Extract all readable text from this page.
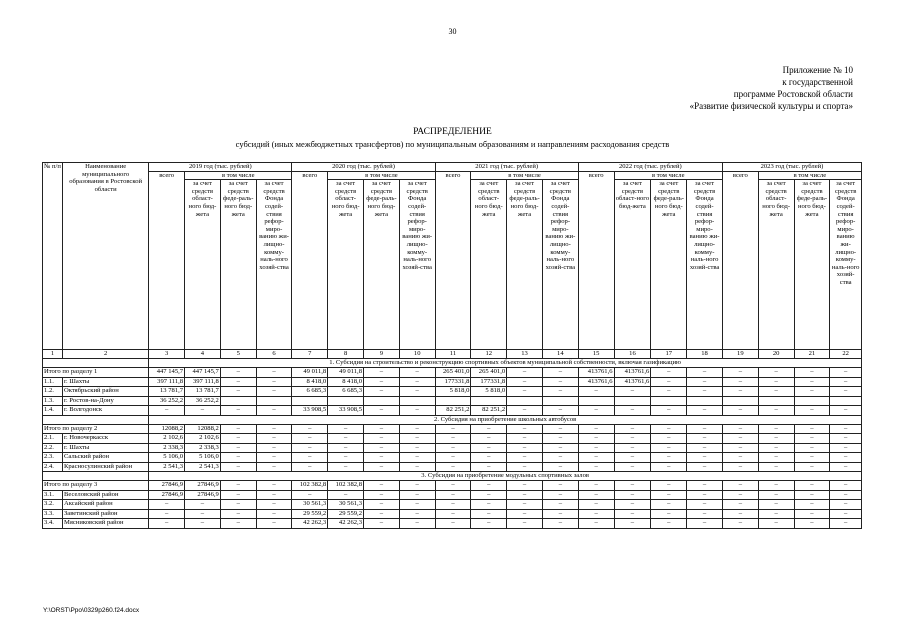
30
Приложение № 10
к государственной
программе Ростовской области
«Развитие физической культуры и спорта»
РАСПРЕДЕЛЕНИЕ
субсидий (иных межбюджетных трансфертов) по муниципальным образованиям и направлениям расходования средств
№ п/п	Наименование муниципального образования в Ростовской области	2019 год (тыс. рублей)				2020 год (тыс. рублей)				2021 год (тыс. рублей)				2022 год (тыс. рублей)				2023 год (тыс. рублей)			
		всего	в том числе			всего	в том числе			всего	в том числе			всего	в том числе			всего	в том числе		
			за счет средств област-ного бюд-жета	за счет средств феде-раль-ного бюд-жета	за счет средств Фонда содей-ствия рефор-миро-ванию жи-лищно-комму-наль-ного хозяй-ства		за счет средств област-ного бюд-жета	за счет средств феде-раль-ного бюд-жета	за счет средств Фонда содей-ствия рефор-миро-ванию жи-лищно-комму-наль-ного хозяй-ства		за счет средств област-ного бюд-жета	за счет средств феде-раль-ного бюд-жета	за счет средств Фонда содей-ствия рефор-миро-ванию жи-лищно-комму-наль-ного хозяй-ства		за счет средств област-ного бюд-жета	за счет средств феде-раль-ного бюд-жета	за счет средств Фонда содей-ствия рефор-миро-ванию жи-лищно-комму-наль-ного хозяй-ства		за счет средств област-ного бюд-жета	за счет средств феде-раль-ного бюд-жета	за счет средств Фонда содей-ствия рефор-миро-ванию жи-лищно-комму-наль-ного хозяй-ства
1	2	3	4	5	6	7	8	9	10	11	12	13	14	15	16	17	18	19	20	21	22
		1. Субсидия на строительство и реконструкцию спортивных объектов муниципальной собственности, включая газификацию																			
Итого по разделу 1		447 145,7	447 145,7	–	–	49 011,8	49 011,8	–	–	265 401,0	265 401,0	–	–	413761,6	413761,6	–	–	–	–	–	–
1.1.	г. Шахты	397 111,8	397 111,8	–	–	8 418,0	8 418,0	–	–	177331,8	177331,8	–	–	413761,6	413761,6	–	–	–	–	–	–
1.2.	Октябрьский район	13 781,7	13 781,7	–	–	6 685,3	6 685,3	–	–	5 818,0	5 818,0	–	–	–	–	–	–	–	–	–	–
1.3.	г. Ростов-на-Дону	36 252,2	36 252,2																		
1.4.	г. Волгодонск	–	–	–	–	33 908,5	33 908,5	–	–	82 251,2	82 251,2	–	–	–	–	–	–	–	–	–	–
		2. Субсидия на приобретение школьных автобусов																			
Итого по разделу 2		12088,2	12088,2	–	–	–	–	–	–	–	–	–	–	–	–	–	–	–	–	–	–
2.1.	г. Новочеркасск	2 102,6	2 102,6	–	–	–	–	–	–	–	–	–	–	–	–	–	–	–	–	–	–
2.2.	г. Шахты	2 338,3	2 338,3	–	–	–	–	–	–	–	–	–	–	–	–	–	–	–	–	–	–
2.3.	Сальский район	5 106,0	5 106,0	–	–	–	–	–	–	–	–	–	–	–	–	–	–	–	–	–	–
2.4.	Красносулинский район	2 541,3	2 541,3	–	–	–	–	–	–	–	–	–	–	–	–	–	–	–	–	–	–
		3. Субсидия на приобретение модульных спортивных залов																			
Итого по разделу 3		27846,9	27846,9	–	–	102 382,8	102 382,8	–	–	–	–	–	–	–	–	–	–	–	–	–	–
3.1.	Веселовский район	27846,9	27846,9	–	–	–	–	–	–	–	–	–	–	–	–	–	–	–	–	–	–
3.2.	Аксайский район	–	–	–	–	30 561,3	30 561,3	–	–	–	–	–	–	–	–	–	–	–	–	–	–
3.3.	Заветинский район	–	–	–	–	29 559,2	29 559,2	–	–	–	–	–	–	–	–	–	–	–	–	–	–
3.4.	Мясниковский район	–	–	–	–	42 262,3	42 262,3	–	–	–	–	–	–	–	–	–	–	–	–	–	–
Y:\ORST\Ppo\0329p260.f24.docx
